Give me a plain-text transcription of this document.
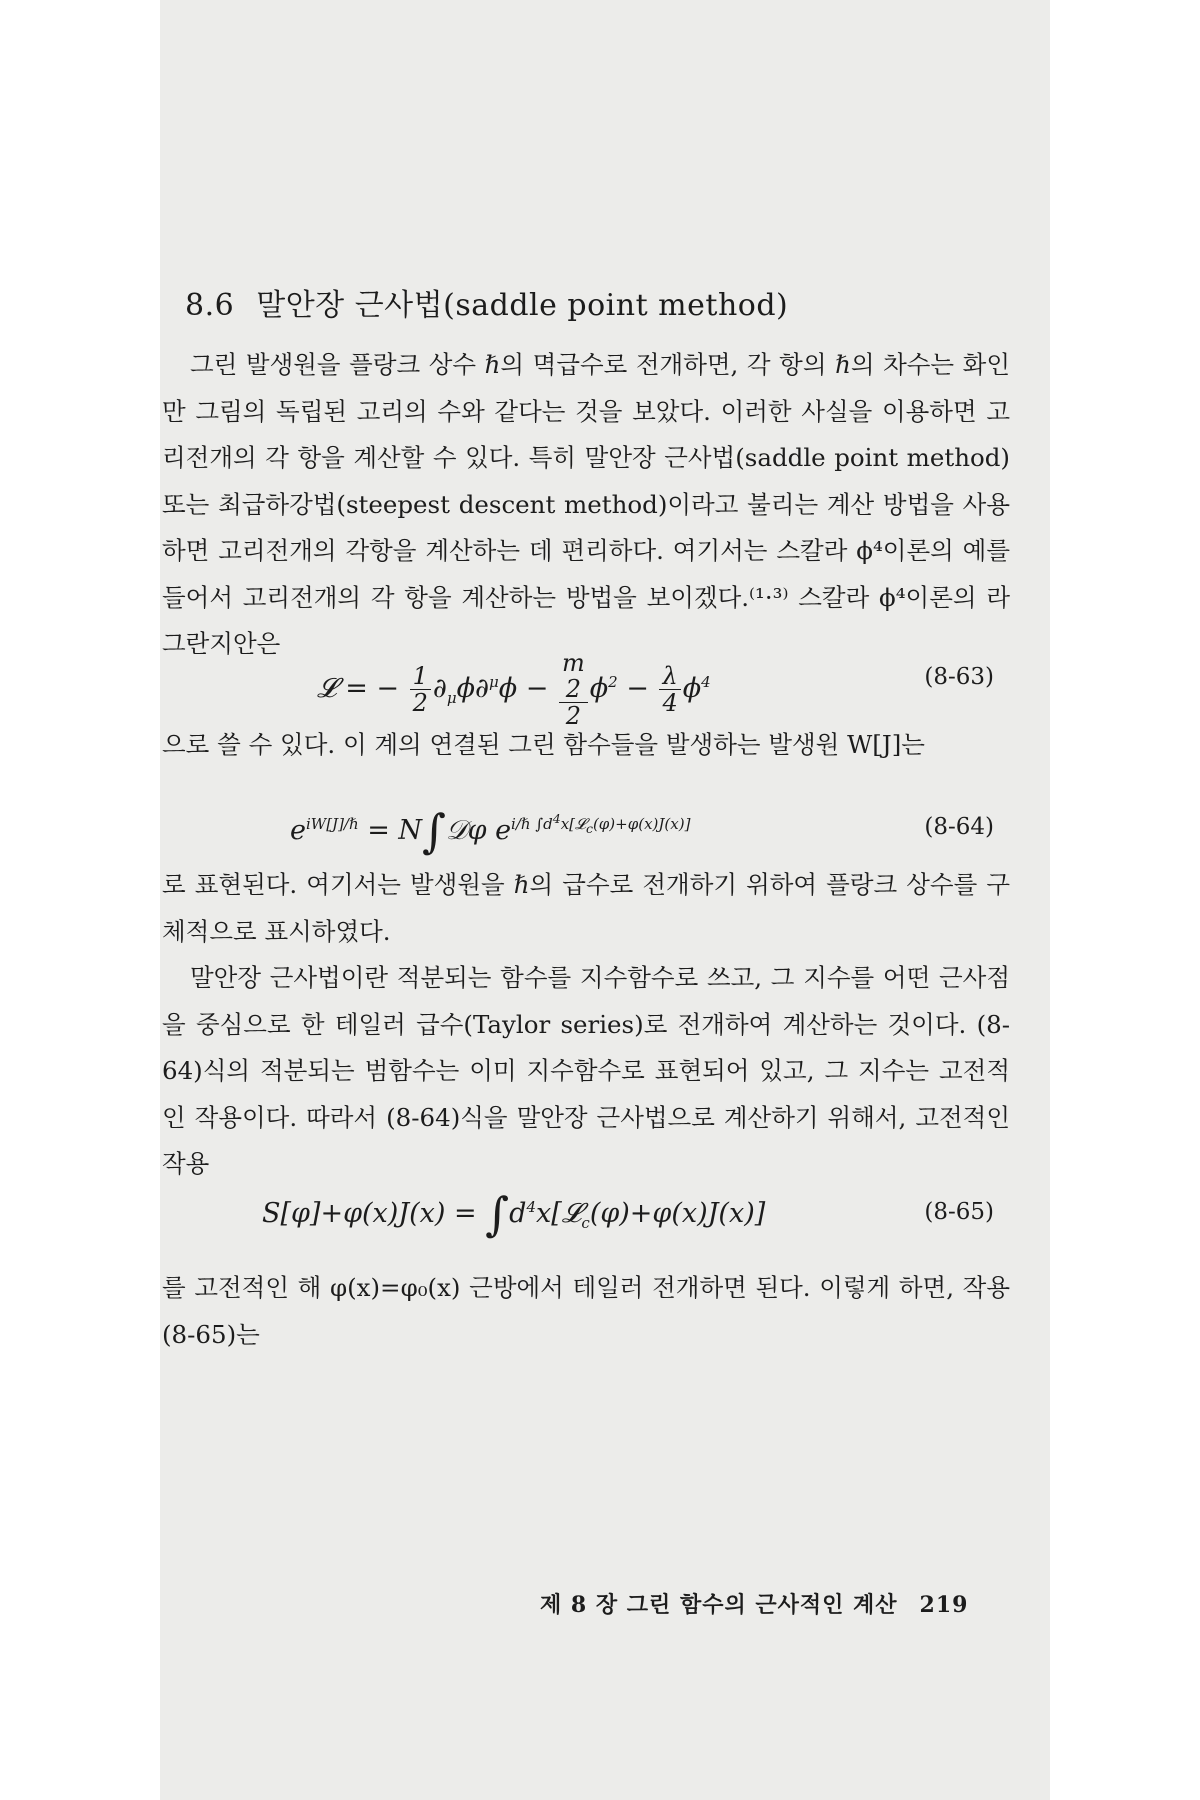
8.6 말안장 근사법(saddle point method)

그린 발생원을 플랑크 상수 ℏ의 멱급수로 전개하면, 각 항의 ℏ의 차수는 화인만 그림의 독립된 고리의 수와 같다는 것을 보았다. 이러한 사실을 이용하면 고리전개의 각 항을 계산할 수 있다. 특히 말안장 근사법(saddle point method) 또는 최급하강법(steepest descent method)이라고 불리는 계산 방법을 사용하면 고리전개의 각항을 계산하는 데 편리하다. 여기서는 스칼라 ϕ⁴이론의 예를 들어서 고리전개의 각 항을 계산하는 방법을 보이겠다.⁽¹·³⁾ 스칼라 ϕ⁴이론의 라그란지안은

𝓛 = − $\frac{1}{2} \partial_\mu\phi\partial^\mu\phi - m$
2
2 $\phi^2 - \frac{\lambda}{4} \phi^4$	(8-63)

으로 쓸 수 있다. 이 계의 연결된 그린 함수들을 발생하는 발생원 W[J]는

$e^{iW[J]/\hbar}$ = N∫𝒟φ $e^{i/\hbar \int d^4x[𝓛_c(\varphi)+\varphi(x)J(x)]}$	(8-64)

로 표현된다. 여기서는 발생원을 ℏ의 급수로 전개하기 위하여 플랑크 상수를 구체적으로 표시하였다.

말안장 근사법이란 적분되는 함수를 지수함수로 쓰고, 그 지수를 어떤 근사점을 중심으로 한 테일러 급수(Taylor series)로 전개하여 계산하는 것이다. (8-64)식의 적분되는 범함수는 이미 지수함수로 표현되어 있고, 그 지수는 고전적인 작용이다. 따라서 (8-64)식을 말안장 근사법으로 계산하기 위해서, 고전적인 작용

$S[\varphi]+\varphi(x)J(x) = \int d^4x[𝓛_c(\varphi)+\varphi(x)J(x)]$	(8-65)

를 고전적인 해 φ(x)=φ₀(x) 근방에서 테일러 전개하면 된다. 이렇게 하면, 작용 (8-65)는

제 8 장 그린 함수의 근사적인 계산 219
